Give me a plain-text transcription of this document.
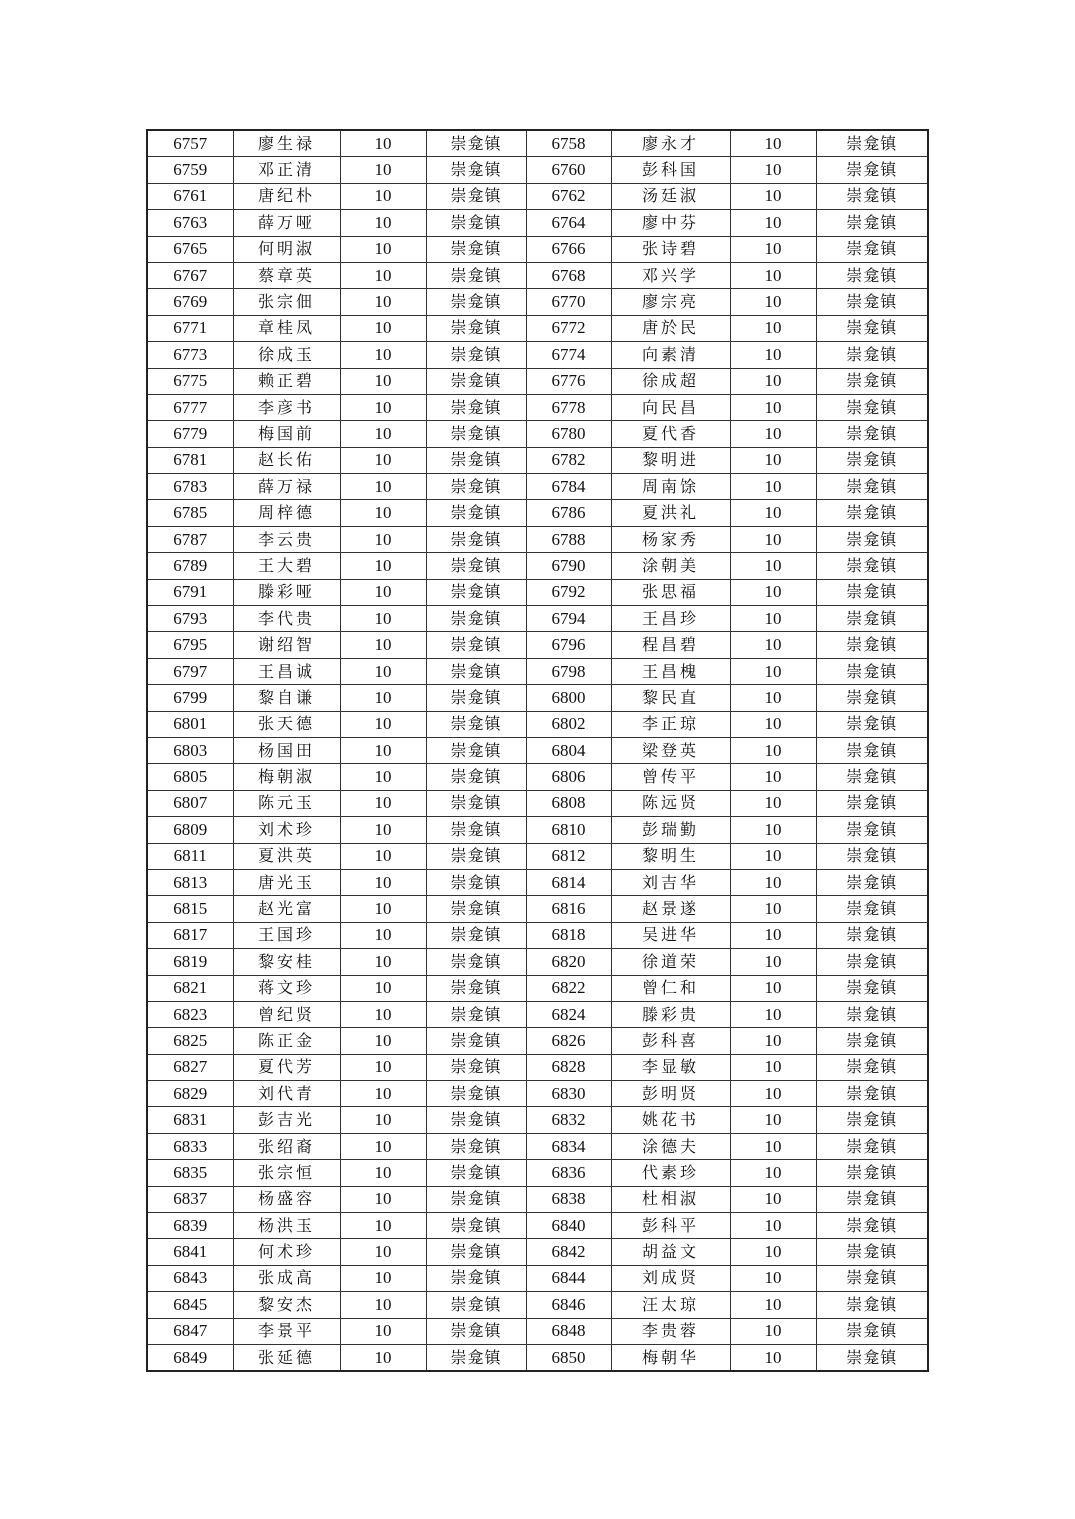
6757	廖生禄	10	崇龛镇	6758	廖永才	10	崇龛镇
6759	邓正清	10	崇龛镇	6760	彭科国	10	崇龛镇
6761	唐纪朴	10	崇龛镇	6762	汤廷淑	10	崇龛镇
6763	薛万哑	10	崇龛镇	6764	廖中芬	10	崇龛镇
6765	何明淑	10	崇龛镇	6766	张诗碧	10	崇龛镇
6767	蔡章英	10	崇龛镇	6768	邓兴学	10	崇龛镇
6769	张宗佃	10	崇龛镇	6770	廖宗亮	10	崇龛镇
6771	章桂凤	10	崇龛镇	6772	唐於民	10	崇龛镇
6773	徐成玉	10	崇龛镇	6774	向素清	10	崇龛镇
6775	赖正碧	10	崇龛镇	6776	徐成超	10	崇龛镇
6777	李彦书	10	崇龛镇	6778	向民昌	10	崇龛镇
6779	梅国前	10	崇龛镇	6780	夏代香	10	崇龛镇
6781	赵长佑	10	崇龛镇	6782	黎明进	10	崇龛镇
6783	薛万禄	10	崇龛镇	6784	周南馀	10	崇龛镇
6785	周梓德	10	崇龛镇	6786	夏洪礼	10	崇龛镇
6787	李云贵	10	崇龛镇	6788	杨家秀	10	崇龛镇
6789	王大碧	10	崇龛镇	6790	涂朝美	10	崇龛镇
6791	滕彩哑	10	崇龛镇	6792	张思福	10	崇龛镇
6793	李代贵	10	崇龛镇	6794	王昌珍	10	崇龛镇
6795	谢绍智	10	崇龛镇	6796	程昌碧	10	崇龛镇
6797	王昌诚	10	崇龛镇	6798	王昌槐	10	崇龛镇
6799	黎自谦	10	崇龛镇	6800	黎民直	10	崇龛镇
6801	张天德	10	崇龛镇	6802	李正琼	10	崇龛镇
6803	杨国田	10	崇龛镇	6804	梁登英	10	崇龛镇
6805	梅朝淑	10	崇龛镇	6806	曾传平	10	崇龛镇
6807	陈元玉	10	崇龛镇	6808	陈远贤	10	崇龛镇
6809	刘术珍	10	崇龛镇	6810	彭瑞勤	10	崇龛镇
6811	夏洪英	10	崇龛镇	6812	黎明生	10	崇龛镇
6813	唐光玉	10	崇龛镇	6814	刘吉华	10	崇龛镇
6815	赵光富	10	崇龛镇	6816	赵景遂	10	崇龛镇
6817	王国珍	10	崇龛镇	6818	吴进华	10	崇龛镇
6819	黎安桂	10	崇龛镇	6820	徐道荣	10	崇龛镇
6821	蒋文珍	10	崇龛镇	6822	曾仁和	10	崇龛镇
6823	曾纪贤	10	崇龛镇	6824	滕彩贵	10	崇龛镇
6825	陈正金	10	崇龛镇	6826	彭科喜	10	崇龛镇
6827	夏代芳	10	崇龛镇	6828	李显敏	10	崇龛镇
6829	刘代青	10	崇龛镇	6830	彭明贤	10	崇龛镇
6831	彭吉光	10	崇龛镇	6832	姚花书	10	崇龛镇
6833	张绍裔	10	崇龛镇	6834	涂德夫	10	崇龛镇
6835	张宗恒	10	崇龛镇	6836	代素珍	10	崇龛镇
6837	杨盛容	10	崇龛镇	6838	杜相淑	10	崇龛镇
6839	杨洪玉	10	崇龛镇	6840	彭科平	10	崇龛镇
6841	何术珍	10	崇龛镇	6842	胡益文	10	崇龛镇
6843	张成高	10	崇龛镇	6844	刘成贤	10	崇龛镇
6845	黎安杰	10	崇龛镇	6846	汪太琼	10	崇龛镇
6847	李景平	10	崇龛镇	6848	李贵蓉	10	崇龛镇
6849	张延德	10	崇龛镇	6850	梅朝华	10	崇龛镇
